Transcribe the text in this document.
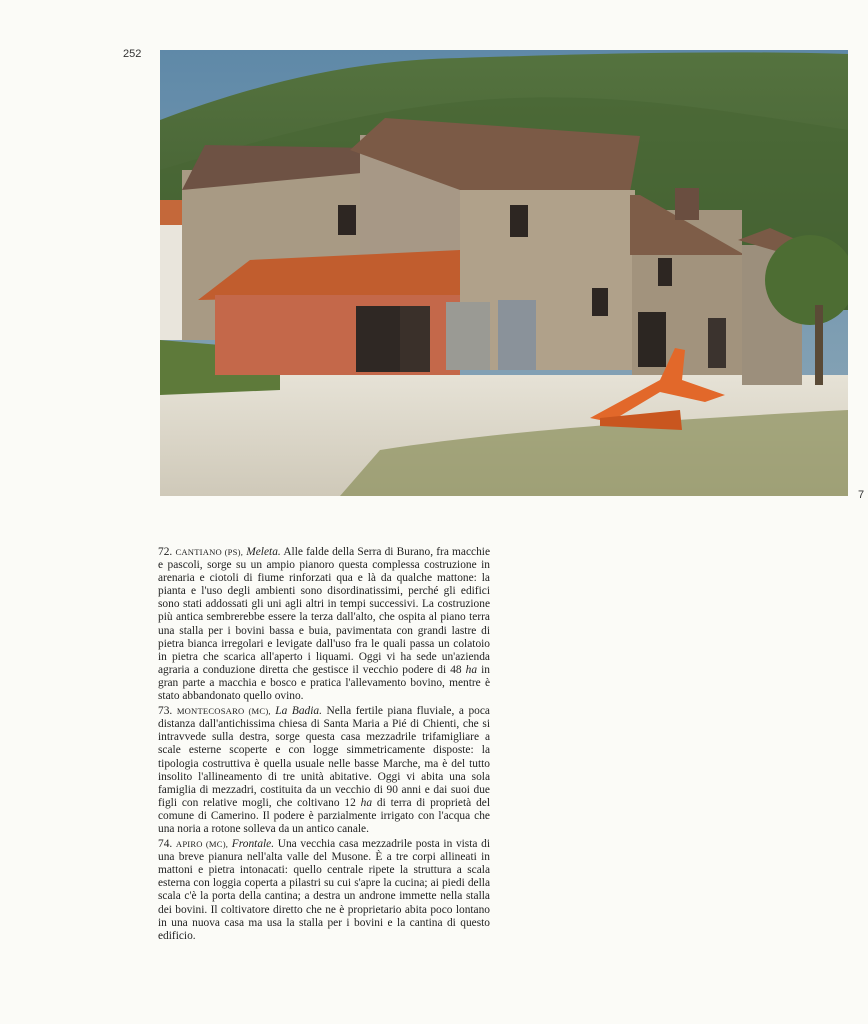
252
7

72. CANTIANO (PS), Meleta. Alle falde della Serra di Burano, fra macchie e pascoli, sorge su un ampio pianoro questa complessa costruzione in arenaria e ciotoli di fiume rinforzati qua e là da qualche mattone: la pianta e l'uso degli ambienti sono disordinatissimi, perché gli edifici sono stati addossati gli uni agli altri in tempi successivi. La costruzione più antica sembrerebbe essere la terza dall'alto, che ospita al piano terra una stalla per i bovini bassa e buia, pavimentata con grandi lastre di pietra bianca irregolari e levigate dall'uso fra le quali passa un colatoio in pietra che scarica all'aperto i liquami. Oggi vi ha sede un'azienda agraria a conduzione diretta che gestisce il vecchio podere di 48 ha in gran parte a macchia e bosco e pratica l'allevamento bovino, mentre è stato abbandonato quello ovino.

73. MONTECOSARO (MC), La Badia. Nella fertile piana fluviale, a poca distanza dall'antichissima chiesa di Santa Maria a Pié di Chienti, che si intravvede sulla destra, sorge questa casa mezzadrile trifamigliare a scale esterne scoperte e con logge simmetricamente disposte: la tipologia costruttiva è quella usuale nelle basse Marche, ma è del tutto insolito l'allineamento di tre unità abitative. Oggi vi abita una sola famiglia di mezzadri, costituita da un vecchio di 90 anni e dai suoi due figli con relative mogli, che coltivano 12 ha di terra di proprietà del comune di Camerino. Il podere è parzialmente irrigato con l'acqua che una noria a rotone solleva da un antico canale.

74. APIRO (MC), Frontale. Una vecchia casa mezzadrile posta in vista di una breve pianura nell'alta valle del Musone. È a tre corpi allineati in mattoni e pietra intonacati: quello centrale ripete la struttura a scala esterna con loggia coperta a pilastri su cui s'apre la cucina; ai piedi della scala c'è la porta della cantina; a destra un androne immette nella stalla dei bovini. Il coltivatore diretto che ne è proprietario abita poco lontano in una nuova casa ma usa la stalla per i bovini e la cantina di questo edificio.
